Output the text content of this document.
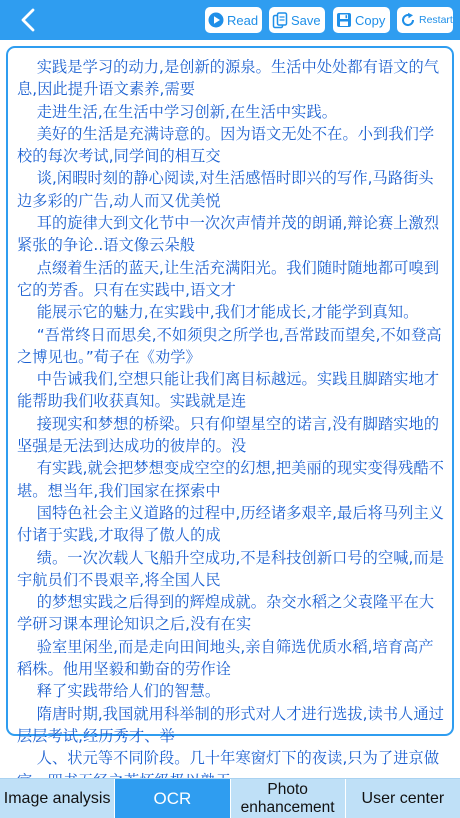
Read	Save	Copy	Restart
实践是学习的动力,是创新的源泉。生活中处处都有语文的气息,因此提升语文素养,需要
走进生活,在生活中学习创新,在生活中实践。
美好的生活是充满诗意的。因为语文无处不在。小到我们学校的每次考试,同学间的相互交
谈,闲暇时刻的静心阅读,对生活感悟时即兴的写作,马路街头边多彩的广告,动人而又优美悦
耳的旋律大到文化节中一次次声情并茂的朗诵,辩论赛上激烈紧张的争论..语文像云朵般
点缀着生活的蓝天,让生活充满阳光。我们随时随地都可嗅到它的芳香。只有在实践中,语文才
能展示它的魅力,在实践中,我们才能成长,才能学到真知。
“吾常终日而思矣,不如须臾之所学也,吾常跂而望矣,不如登高之博见也。”荀子在《劝学》
中告诫我们,空想只能让我们离目标越远。实践且脚踏实地才能帮助我们收获真知。实践就是连
接现实和梦想的桥梁。只有仰望星空的诺言,没有脚踏实地的坚强是无法到达成功的彼岸的。没
有实践,就会把梦想变成空空的幻想,把美丽的现实变得残酷不堪。想当年,我们国家在探索中
国特色社会主义道路的过程中,历经诸多艰辛,最后将马列主义付诸于实践,才取得了傲人的成
绩。一次次载人飞船升空成功,不是科技创新口号的空喊,而是宇航员们不畏艰辛,将全国人民
的梦想实践之后得到的辉煌成就。杂交水稻之父袁隆平在大学研习课本理论知识之后,没有在实
验室里闲坐,而是走向田间地头,亲自筛选优质水稻,培育高产稻株。他用坚毅和勤奋的劳作诠
释了实践带给人们的智慧。
隋唐时期,我国就用科举制的形式对人才进行选拔,读书人通过层层考试,经历秀才、举
人、状元等不同阶段。几十年寒窗灯下的夜读,只为了进京做
Image analysis	OCR	Photo
enhancement
User center
